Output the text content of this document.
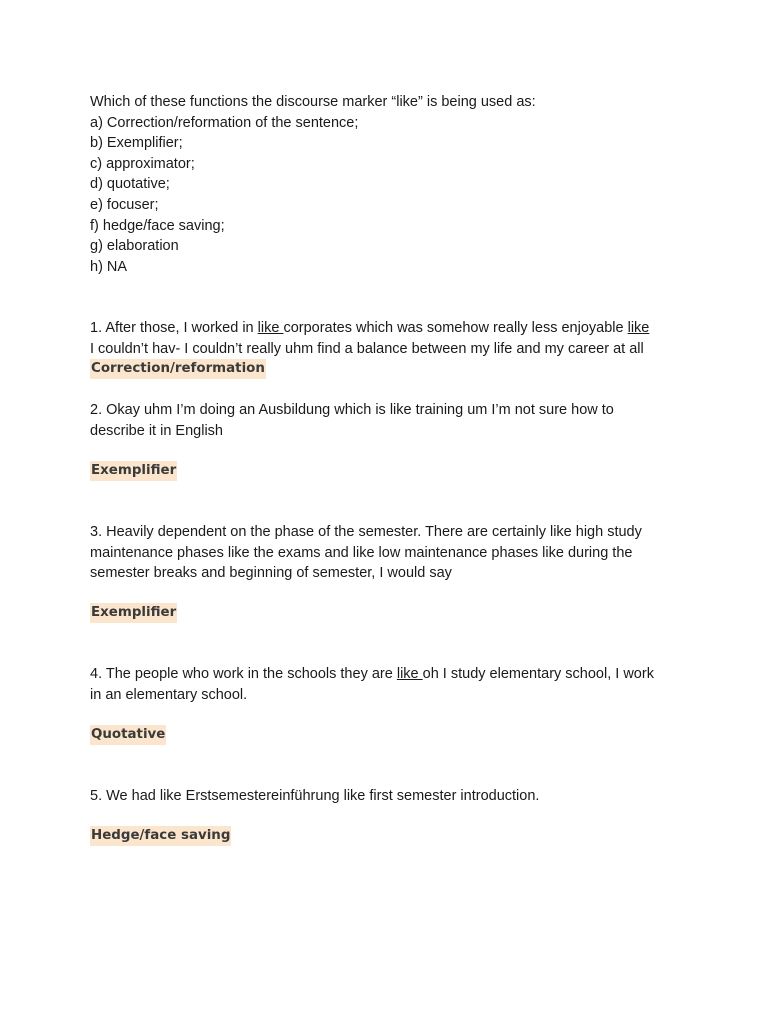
Which of these functions the discourse marker “like” is being used as:
a) Correction/reformation of the sentence;
b) Exemplifier;
c) approximator;
d) quotative;
e) focuser;
f) hedge/face saving;
g) elaboration
h) NA
1. After those, I worked in like corporates which was somehow really less enjoyable like
I couldn’t hav- I couldn’t really uhm find a balance between my life and my career at all
Correction/reformation
2. Okay uhm I’m doing an Ausbildung which is like training um I’m not sure how to
describe it in English
Exemplifier
3. Heavily dependent on the phase of the semester. There are certainly like high study
maintenance phases like the exams and like low maintenance phases like during the
semester breaks and beginning of semester, I would say
Exemplifier
4. The people who work in the schools they are like oh I study elementary school, I work
in an elementary school.
Quotative
5. We had like Erstsemestereinführung like first semester introduction.
Hedge/face saving
